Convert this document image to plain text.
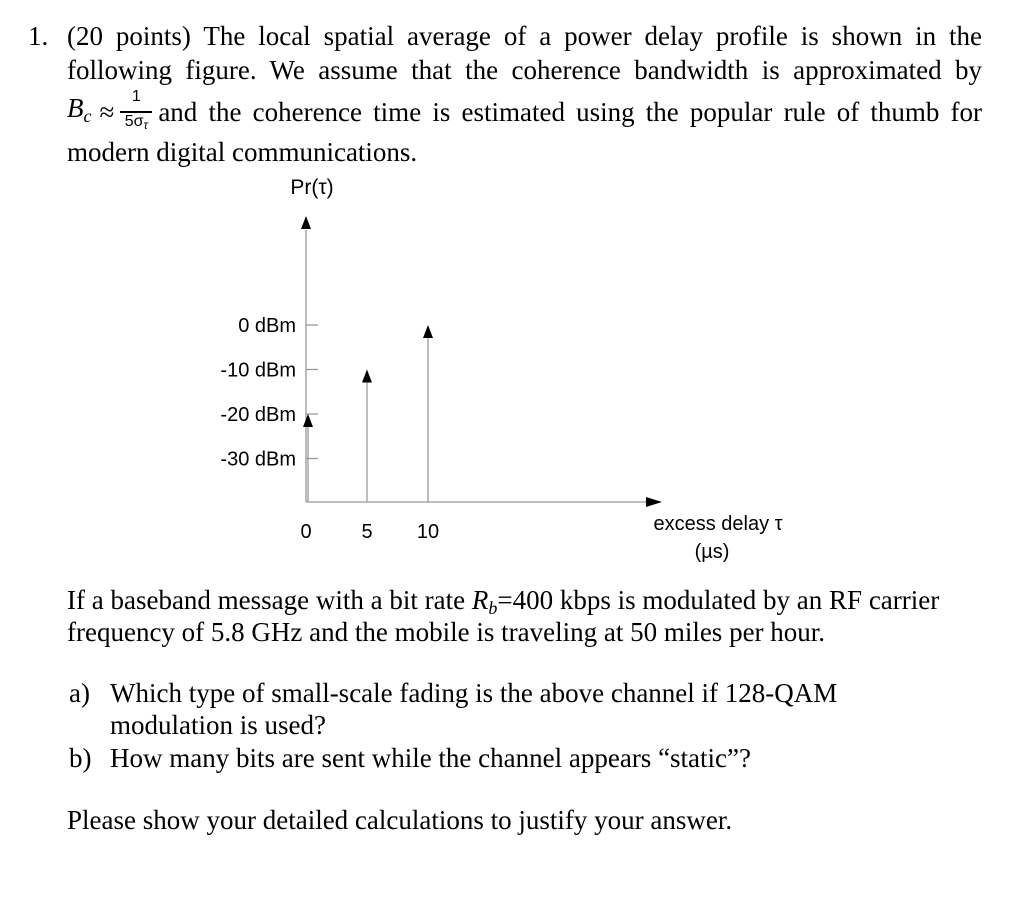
1. (20 points) The local spatial average of a power delay profile is shown in the
following figure. We assume that the coherence bandwidth is approximated by
$B_c \approx \frac{1}{5\sigma\tau}$ and the coherence time is estimated using the popular rule of thumb for
modern digital communications.
0 dBm
-10 dBm
-20 dBm
-30 dBm
0 5 10
Pr(τ)
excess delay τ
(µs)
If a baseband message with a bit rate $R_b=400$ kbps is modulated by an RF carrier
frequency of 5.8 GHz and the mobile is traveling at 50 miles per hour.
a) Which type of small-scale fading is the above channel if 128-QAM
modulation is used?
b) How many bits are sent while the channel appears “static”?
Please show your detailed calculations to justify your answer.
